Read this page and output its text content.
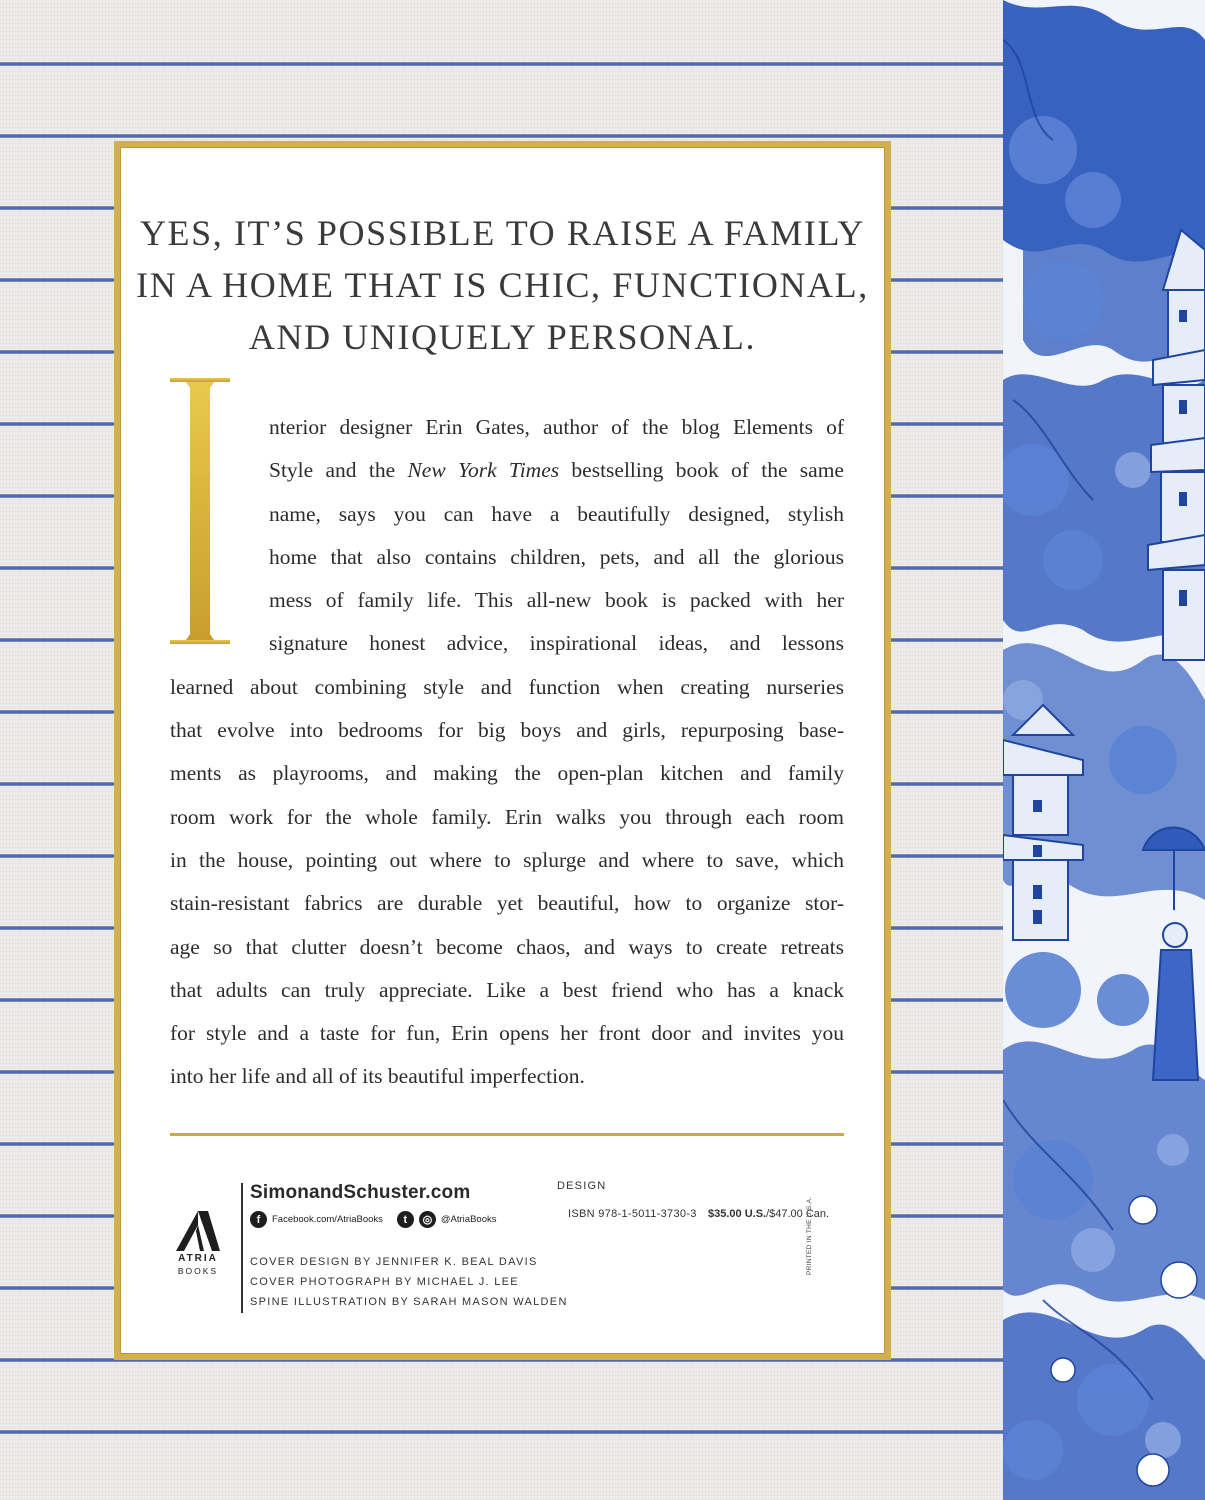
YES, IT’S POSSIBLE TO RAISE A FAMILY
IN A HOME THAT IS CHIC, FUNCTIONAL,
AND UNIQUELY PERSONAL.
I
nterior designer Erin Gates, author of the blog Elements of
Style and the New York Times bestselling book of the same
name, says you can have a beautifully designed, stylish
home that also contains children, pets, and all the glorious
mess of family life. This all-new book is packed with her
signature honest advice, inspirational ideas, and lessons
learned about combining style and function when creating nurseries
that evolve into bedrooms for big boys and girls, repurposing base-
ments as playrooms, and making the open-plan kitchen and family
room work for the whole family. Erin walks you through each room
in the house, pointing out where to splurge and where to save, which
stain-resistant fabrics are durable yet beautiful, how to organize stor-
age so that clutter doesn’t become chaos, and ways to create retreats
that adults can truly appreciate. Like a best friend who has a knack
for style and a taste for fun, Erin opens her front door and invites you
into her life and all of its beautiful imperfection.
ATRIA
BOOKS
SimonandSchuster.com
f	Facebook.com/AtriaBooks	t	◎ @AtriaBooks
COVER DESIGN BY JENNIFER K. BEAL DAVIS
COVER PHOTOGRAPH BY MICHAEL J. LEE
SPINE ILLUSTRATION BY SARAH MASON WALDEN
DESIGN
ISBN 978-1-5011-3730-3 $35.00 U.S./$47.00 Can.
PRINTED IN THE U.S.A.
